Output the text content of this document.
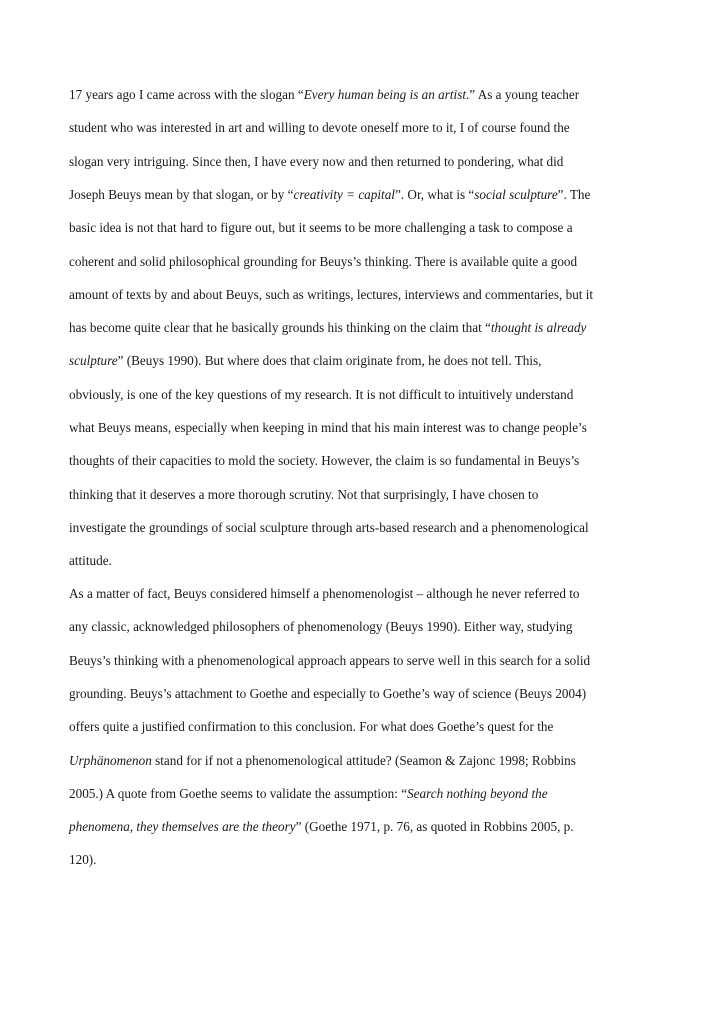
17 years ago I came across with the slogan “Every human being is an artist.” As a young teacher
student who was interested in art and willing to devote oneself more to it, I of course found the
slogan very intriguing. Since then, I have every now and then returned to pondering, what did
Joseph Beuys mean by that slogan, or by “creativity = capital”. Or, what is “social sculpture”. The
basic idea is not that hard to figure out, but it seems to be more challenging a task to compose a
coherent and solid philosophical grounding for Beuys’s thinking. There is available quite a good
amount of texts by and about Beuys, such as writings, lectures, interviews and commentaries, but it
has become quite clear that he basically grounds his thinking on the claim that “thought is already
sculpture” (Beuys 1990). But where does that claim originate from, he does not tell. This,
obviously, is one of the key questions of my research. It is not difficult to intuitively understand
what Beuys means, especially when keeping in mind that his main interest was to change people’s
thoughts of their capacities to mold the society. However, the claim is so fundamental in Beuys’s
thinking that it deserves a more thorough scrutiny. Not that surprisingly, I have chosen to
investigate the groundings of social sculpture through arts-based research and a phenomenological
attitude.
As a matter of fact, Beuys considered himself a phenomenologist – although he never referred to
any classic, acknowledged philosophers of phenomenology (Beuys 1990). Either way, studying
Beuys’s thinking with a phenomenological approach appears to serve well in this search for a solid
grounding. Beuys’s attachment to Goethe and especially to Goethe’s way of science (Beuys 2004)
offers quite a justified confirmation to this conclusion. For what does Goethe’s quest for the
Urphänomenon stand for if not a phenomenological attitude? (Seamon & Zajonc 1998; Robbins
2005.) A quote from Goethe seems to validate the assumption: “Search nothing beyond the
phenomena, they themselves are the theory” (Goethe 1971, p. 76, as quoted in Robbins 2005, p.
120).
